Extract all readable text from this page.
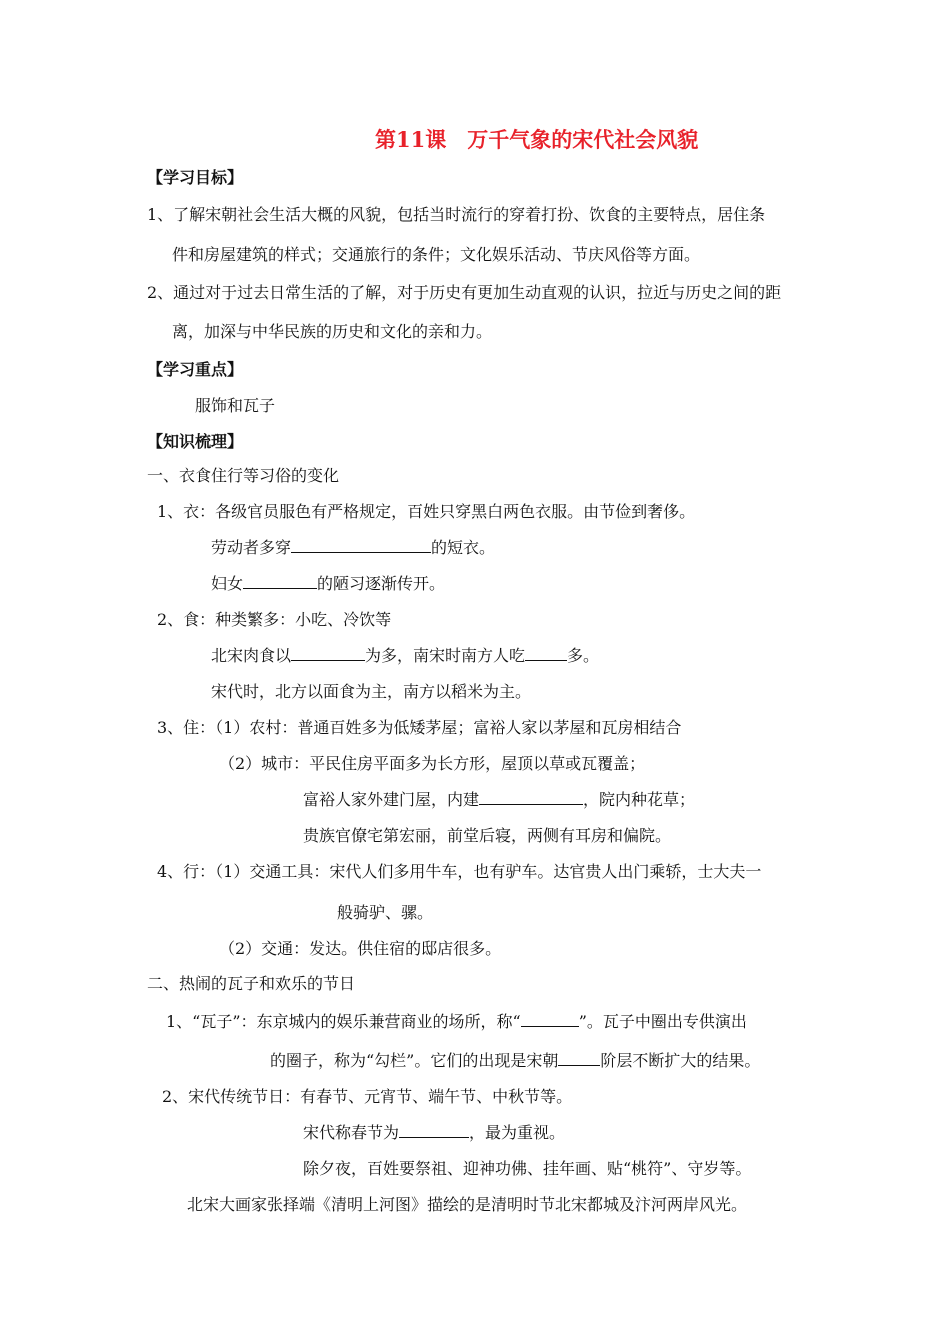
第11课　万千气象的宋代社会风貌
【学习目标】
1、了解宋朝社会生活大概的风貌，包括当时流行的穿着打扮、饮食的主要特点，居住条
件和房屋建筑的样式；交通旅行的条件；文化娱乐活动、节庆风俗等方面。
2、通过对于过去日常生活的了解，对于历史有更加生动直观的认识，拉近与历史之间的距
离，加深与中华民族的历史和文化的亲和力。
【学习重点】
服饰和瓦子
【知识梳理】
一、衣食住行等习俗的变化
1、衣：各级官员服色有严格规定，百姓只穿黑白两色衣服。由节俭到奢侈。
劳动者多穿	的短衣。
妇女	的陋习逐渐传开。
2、食：种类繁多：小吃、冷饮等
北宋肉食以	为多，南宋时南方人吃	多。
宋代时，北方以面食为主，南方以稻米为主。
3、住：（1）农村：普通百姓多为低矮茅屋；富裕人家以茅屋和瓦房相结合
（2）城市：平民住房平面多为长方形，屋顶以草或瓦覆盖；
富裕人家外建门屋，内建	，院内种花草；
贵族官僚宅第宏丽，前堂后寝，两侧有耳房和偏院。
4、行：（1）交通工具：宋代人们多用牛车，也有驴车。达官贵人出门乘轿，士大夫一
般骑驴、骡。
（2）交通：发达。供住宿的邸店很多。
二、热闹的瓦子和欢乐的节日
1、“瓦子”：东京城内的娱乐兼营商业的场所，称“	”。瓦子中圈出专供演出
的圈子，称为“勾栏”。它们的出现是宋朝	阶层不断扩大的结果。
2、宋代传统节日：有春节、元宵节、端午节、中秋节等。
宋代称春节为	，最为重视。
除夕夜，百姓要祭祖、迎神功佛、挂年画、贴“桃符”、守岁等。
北宋大画家张择端《清明上河图》描绘的是清明时节北宋都城及汴河两岸风光。
